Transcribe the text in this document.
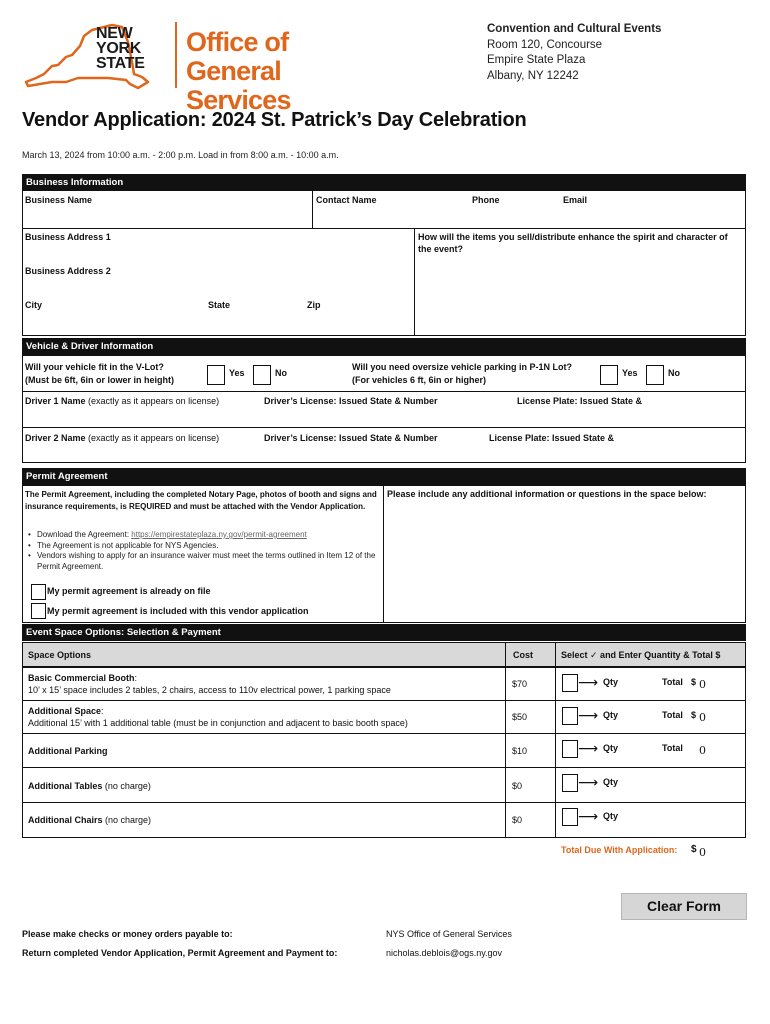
NEW
YORK
STATE
Office of
General Services
Convention and Cultural Events
Room 120, Concourse
Empire State Plaza
Albany, NY 12242
Vendor Application: 2024 St. Patrick’s Day Celebration
March 13, 2024 from 10:00 a.m. - 2:00 p.m. Load in from 8:00 a.m. - 10:00 a.m.
Business Information
Business Name	Contact Name	Phone	Email
Business Address 1
Business Address 2
City	State	Zip
How will the items you sell/distribute enhance the spirit and character of the event?
Vehicle & Driver Information
Will your vehicle fit in the V-Lot?
(Must be 6ft, 6in or lower in height)
Yes	No
Will you need oversize vehicle parking in P-1N Lot?
(For vehicles 6 ft, 6in or higher)
Yes	No
Driver 1 Name (exactly as it appears on license)	Driver’s License: Issued State & Number	License Plate: Issued State &
Driver 2 Name (exactly as it appears on license)	Driver’s License: Issued State & Number	License Plate: Issued State &
Permit Agreement
The Permit Agreement, including the completed Notary Page, photos of booth and signs and insurance requirements, is REQUIRED and must be attached with the Vendor Application.
• Download the Agreement: https://empirestateplaza.ny.gov/permit-agreement
• The Agreement is not applicable for NYS Agencies.
• Vendors wishing to apply for an insurance waiver must meet the terms outlined in Item 12 of the Permit Agreement.
My permit agreement is already on file
My permit agreement is included with this vendor application
Please include any additional information or questions in the space below:
Event Space Options: Selection & Payment
Space Options	Cost	Select ✓ and Enter Quantity & Total $
Basic Commercial Booth:
10’ x 15’ space includes 2 tables, 2 chairs, access to 110v electrical power, 1 parking space
$70	⟶ Qty	Total $ 0
Additional Space:
Additional 15’ with 1 additional table (must be in conjunction and adjacent to basic booth space)
$50	⟶ Qty	Total $ 0
Additional Parking	$10	⟶ Qty	Total 0
Additional Tables (no charge)	$0	⟶ Qty
Additional Chairs (no charge)	$0	⟶ Qty
Total Due With Application: $ 0
Clear Form
Please make checks or money orders payable to:	NYS Office of General Services
Return completed Vendor Application, Permit Agreement and Payment to:	nicholas.deblois@ogs.ny.gov
